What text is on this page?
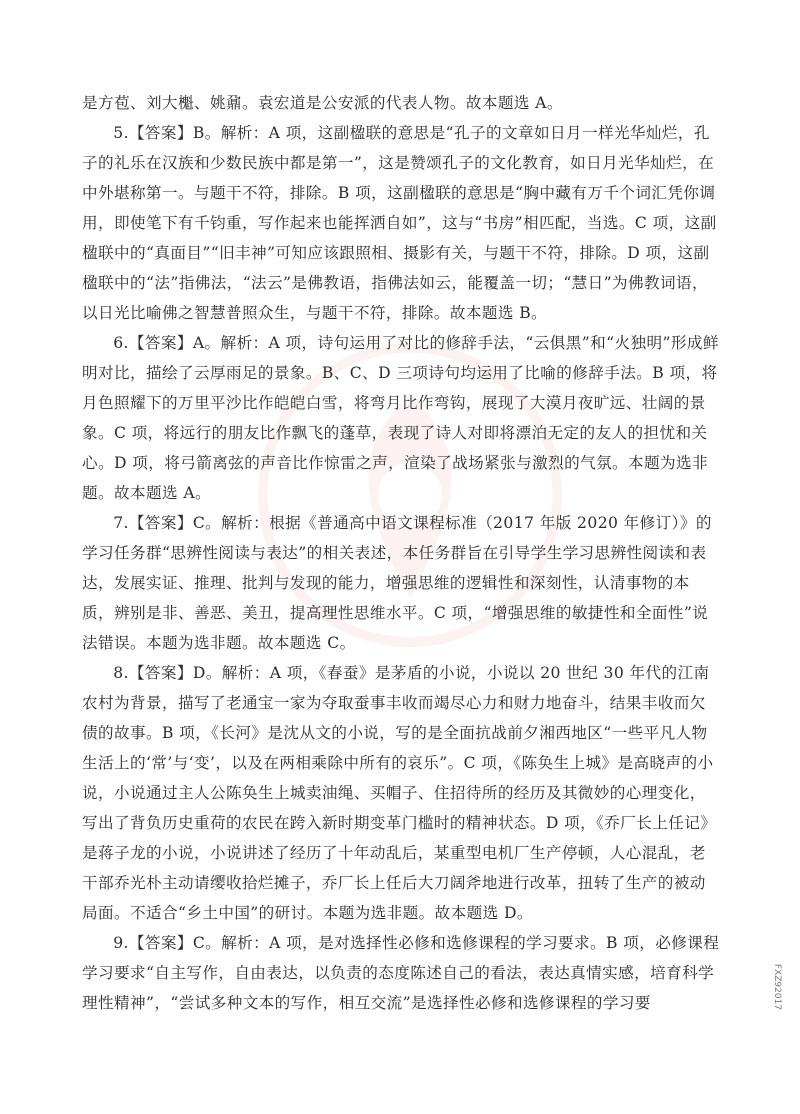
是方苞、刘大櫆、姚鼐。袁宏道是公安派的代表人物。故本题选 A。

5.【答案】B。解析：A 项，这副楹联的意思是“孔子的文章如日月一样光华灿烂，孔子的礼乐在汉族和少数民族中都是第一”，这是赞颂孔子的文化教育，如日月光华灿烂，在中外堪称第一。与题干不符，排除。B 项，这副楹联的意思是“胸中藏有万千个词汇凭你调用，即使笔下有千钧重，写作起来也能挥洒自如”，这与“书房”相匹配，当选。C 项，这副楹联中的“真面目”“旧丰神”可知应该跟照相、摄影有关，与题干不符，排除。D 项，这副楹联中的“法”指佛法，“法云”是佛教语，指佛法如云，能覆盖一切；“慧日”为佛教词语，以日光比喻佛之智慧普照众生，与题干不符，排除。故本题选 B。

6.【答案】A。解析：A 项，诗句运用了对比的修辞手法，“云俱黑”和“火独明”形成鲜明对比，描绘了云厚雨足的景象。B、C、D 三项诗句均运用了比喻的修辞手法。B 项，将月色照耀下的万里平沙比作皑皑白雪，将弯月比作弯钩，展现了大漠月夜旷远、壮阔的景象。C 项，将远行的朋友比作飘飞的蓬草，表现了诗人对即将漂泊无定的友人的担忧和关心。D 项，将弓箭离弦的声音比作惊雷之声，渲染了战场紧张与激烈的气氛。本题为选非题。故本题选 A。

7.【答案】C。解析：根据《普通高中语文课程标准（2017 年版 2020 年修订）》的学习任务群“思辨性阅读与表达”的相关表述，本任务群旨在引导学生学习思辨性阅读和表达，发展实证、推理、批判与发现的能力，增强思维的逻辑性和深刻性，认清事物的本质，辨别是非、善恶、美丑，提高理性思维水平。C 项，“增强思维的敏捷性和全面性”说法错误。本题为选非题。故本题选 C。

8.【答案】D。解析：A 项，《春蚕》是茅盾的小说，小说以 20 世纪 30 年代的江南农村为背景，描写了老通宝一家为夺取蚕事丰收而竭尽心力和财力地奋斗，结果丰收而欠债的故事。B 项，《长河》是沈从文的小说，写的是全面抗战前夕湘西地区“一些平凡人物生活上的‘常’与‘变’，以及在两相乘除中所有的哀乐”。C 项，《陈奂生上城》是高晓声的小说，小说通过主人公陈奂生上城卖油绳、买帽子、住招待所的经历及其微妙的心理变化，写出了背负历史重荷的农民在跨入新时期变革门槛时的精神状态。D 项，《乔厂长上任记》是蒋子龙的小说，小说讲述了经历了十年动乱后，某重型电机厂生产停顿，人心混乱，老干部乔光朴主动请缨收拾烂摊子，乔厂长上任后大刀阔斧地进行改革，扭转了生产的被动局面。不适合“乡土中国”的研讨。本题为选非题。故本题选 D。

9.【答案】C。解析：A 项，是对选择性必修和选修课程的学习要求。B 项，必修课程学习要求“自主写作，自由表达，以负责的态度陈述自己的看法，表达真情实感，培育科学理性精神”，“尝试多种文本的写作，相互交流”是选择性必修和选修课程的学习要	FXZ92017
